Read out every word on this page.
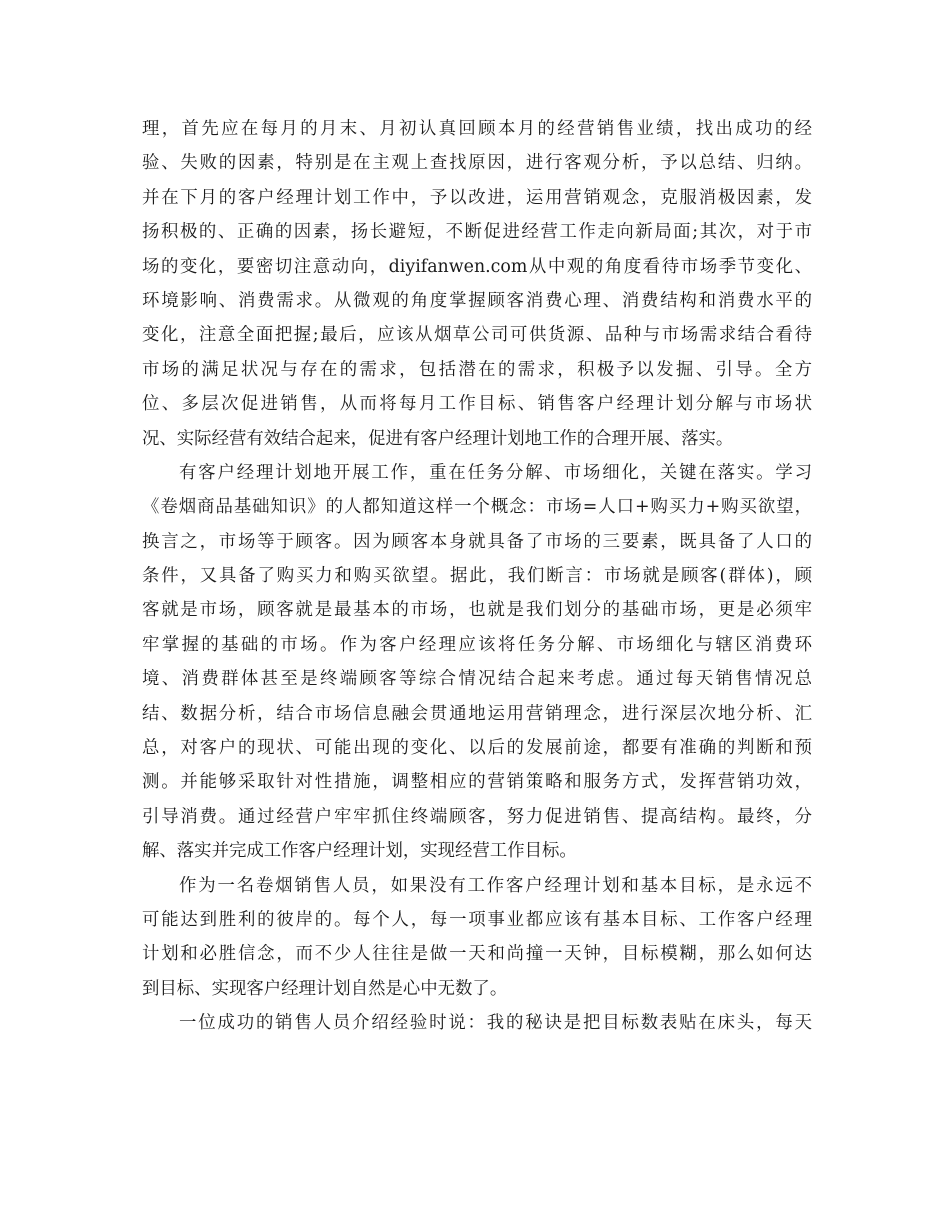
理，首先应在每月的月末、月初认真回顾本月的经营销售业绩，找出成功的经
验、失败的因素，特别是在主观上查找原因，进行客观分析，予以总结、归纳。
并在下月的客户经理计划工作中，予以改进，运用营销观念，克服消极因素，发
扬积极的、正确的因素，扬长避短，不断促进经营工作走向新局面;其次，对于市
场的变化，要密切注意动向，diyifanwen.com从中观的角度看待市场季节变化、
环境影响、消费需求。从微观的角度掌握顾客消费心理、消费结构和消费水平的
变化，注意全面把握;最后，应该从烟草公司可供货源、品种与市场需求结合看待
市场的满足状况与存在的需求，包括潜在的需求，积极予以发掘、引导。全方
位、多层次促进销售，从而将每月工作目标、销售客户经理计划分解与市场状
况、实际经营有效结合起来，促进有客户经理计划地工作的合理开展、落实。
有客户经理计划地开展工作，重在任务分解、市场细化，关键在落实。学习
《卷烟商品基础知识》的人都知道这样一个概念：市场=人口+购买力+购买欲望，
换言之，市场等于顾客。因为顾客本身就具备了市场的三要素，既具备了人口的
条件，又具备了购买力和购买欲望。据此，我们断言：市场就是顾客(群体)，顾
客就是市场，顾客就是最基本的市场，也就是我们划分的基础市场，更是必须牢
牢掌握的基础的市场。作为客户经理应该将任务分解、市场细化与辖区消费环
境、消费群体甚至是终端顾客等综合情况结合起来考虑。通过每天销售情况总
结、数据分析，结合市场信息融会贯通地运用营销理念，进行深层次地分析、汇
总，对客户的现状、可能出现的变化、以后的发展前途，都要有准确的判断和预
测。并能够采取针对性措施，调整相应的营销策略和服务方式，发挥营销功效，
引导消费。通过经营户牢牢抓住终端顾客，努力促进销售、提高结构。最终，分
解、落实并完成工作客户经理计划，实现经营工作目标。
作为一名卷烟销售人员，如果没有工作客户经理计划和基本目标，是永远不
可能达到胜利的彼岸的。每个人，每一项事业都应该有基本目标、工作客户经理
计划和必胜信念，而不少人往往是做一天和尚撞一天钟，目标模糊，那么如何达
到目标、实现客户经理计划自然是心中无数了。
一位成功的销售人员介绍经验时说：我的秘诀是把目标数表贴在床头，每天
